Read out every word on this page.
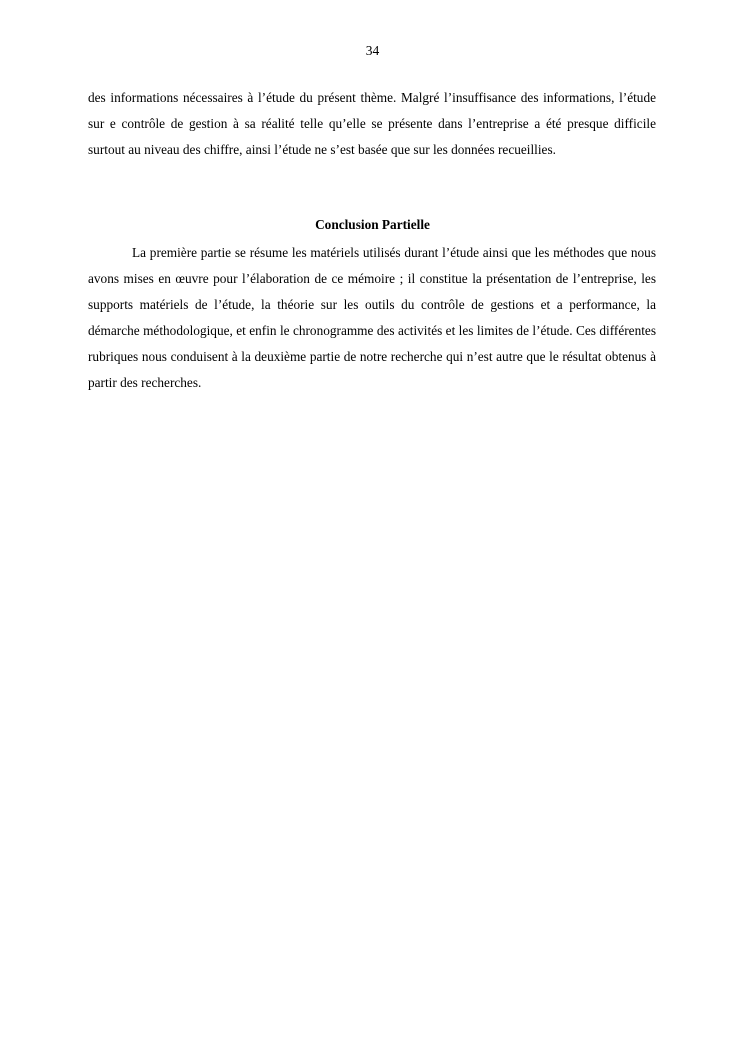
34

des informations nécessaires à l’étude du présent thème. Malgré l’insuffisance des informations, l’étude sur e contrôle de gestion à sa réalité telle qu’elle se présente dans l’entreprise a été presque difficile surtout au niveau des chiffre, ainsi l’étude ne s’est basée que sur les données recueillies.

Conclusion Partielle

La première partie se résume les matériels utilisés durant l’étude ainsi que les méthodes que nous avons mises en œuvre pour l’élaboration de ce mémoire ; il constitue la présentation de l’entreprise, les supports matériels de l’étude, la théorie sur les outils du contrôle de gestions et a performance, la démarche méthodologique, et enfin le chronogramme des activités et les limites de l’étude. Ces différentes rubriques nous conduisent à la deuxième partie de notre recherche qui n’est autre que le résultat obtenus à partir des recherches.
